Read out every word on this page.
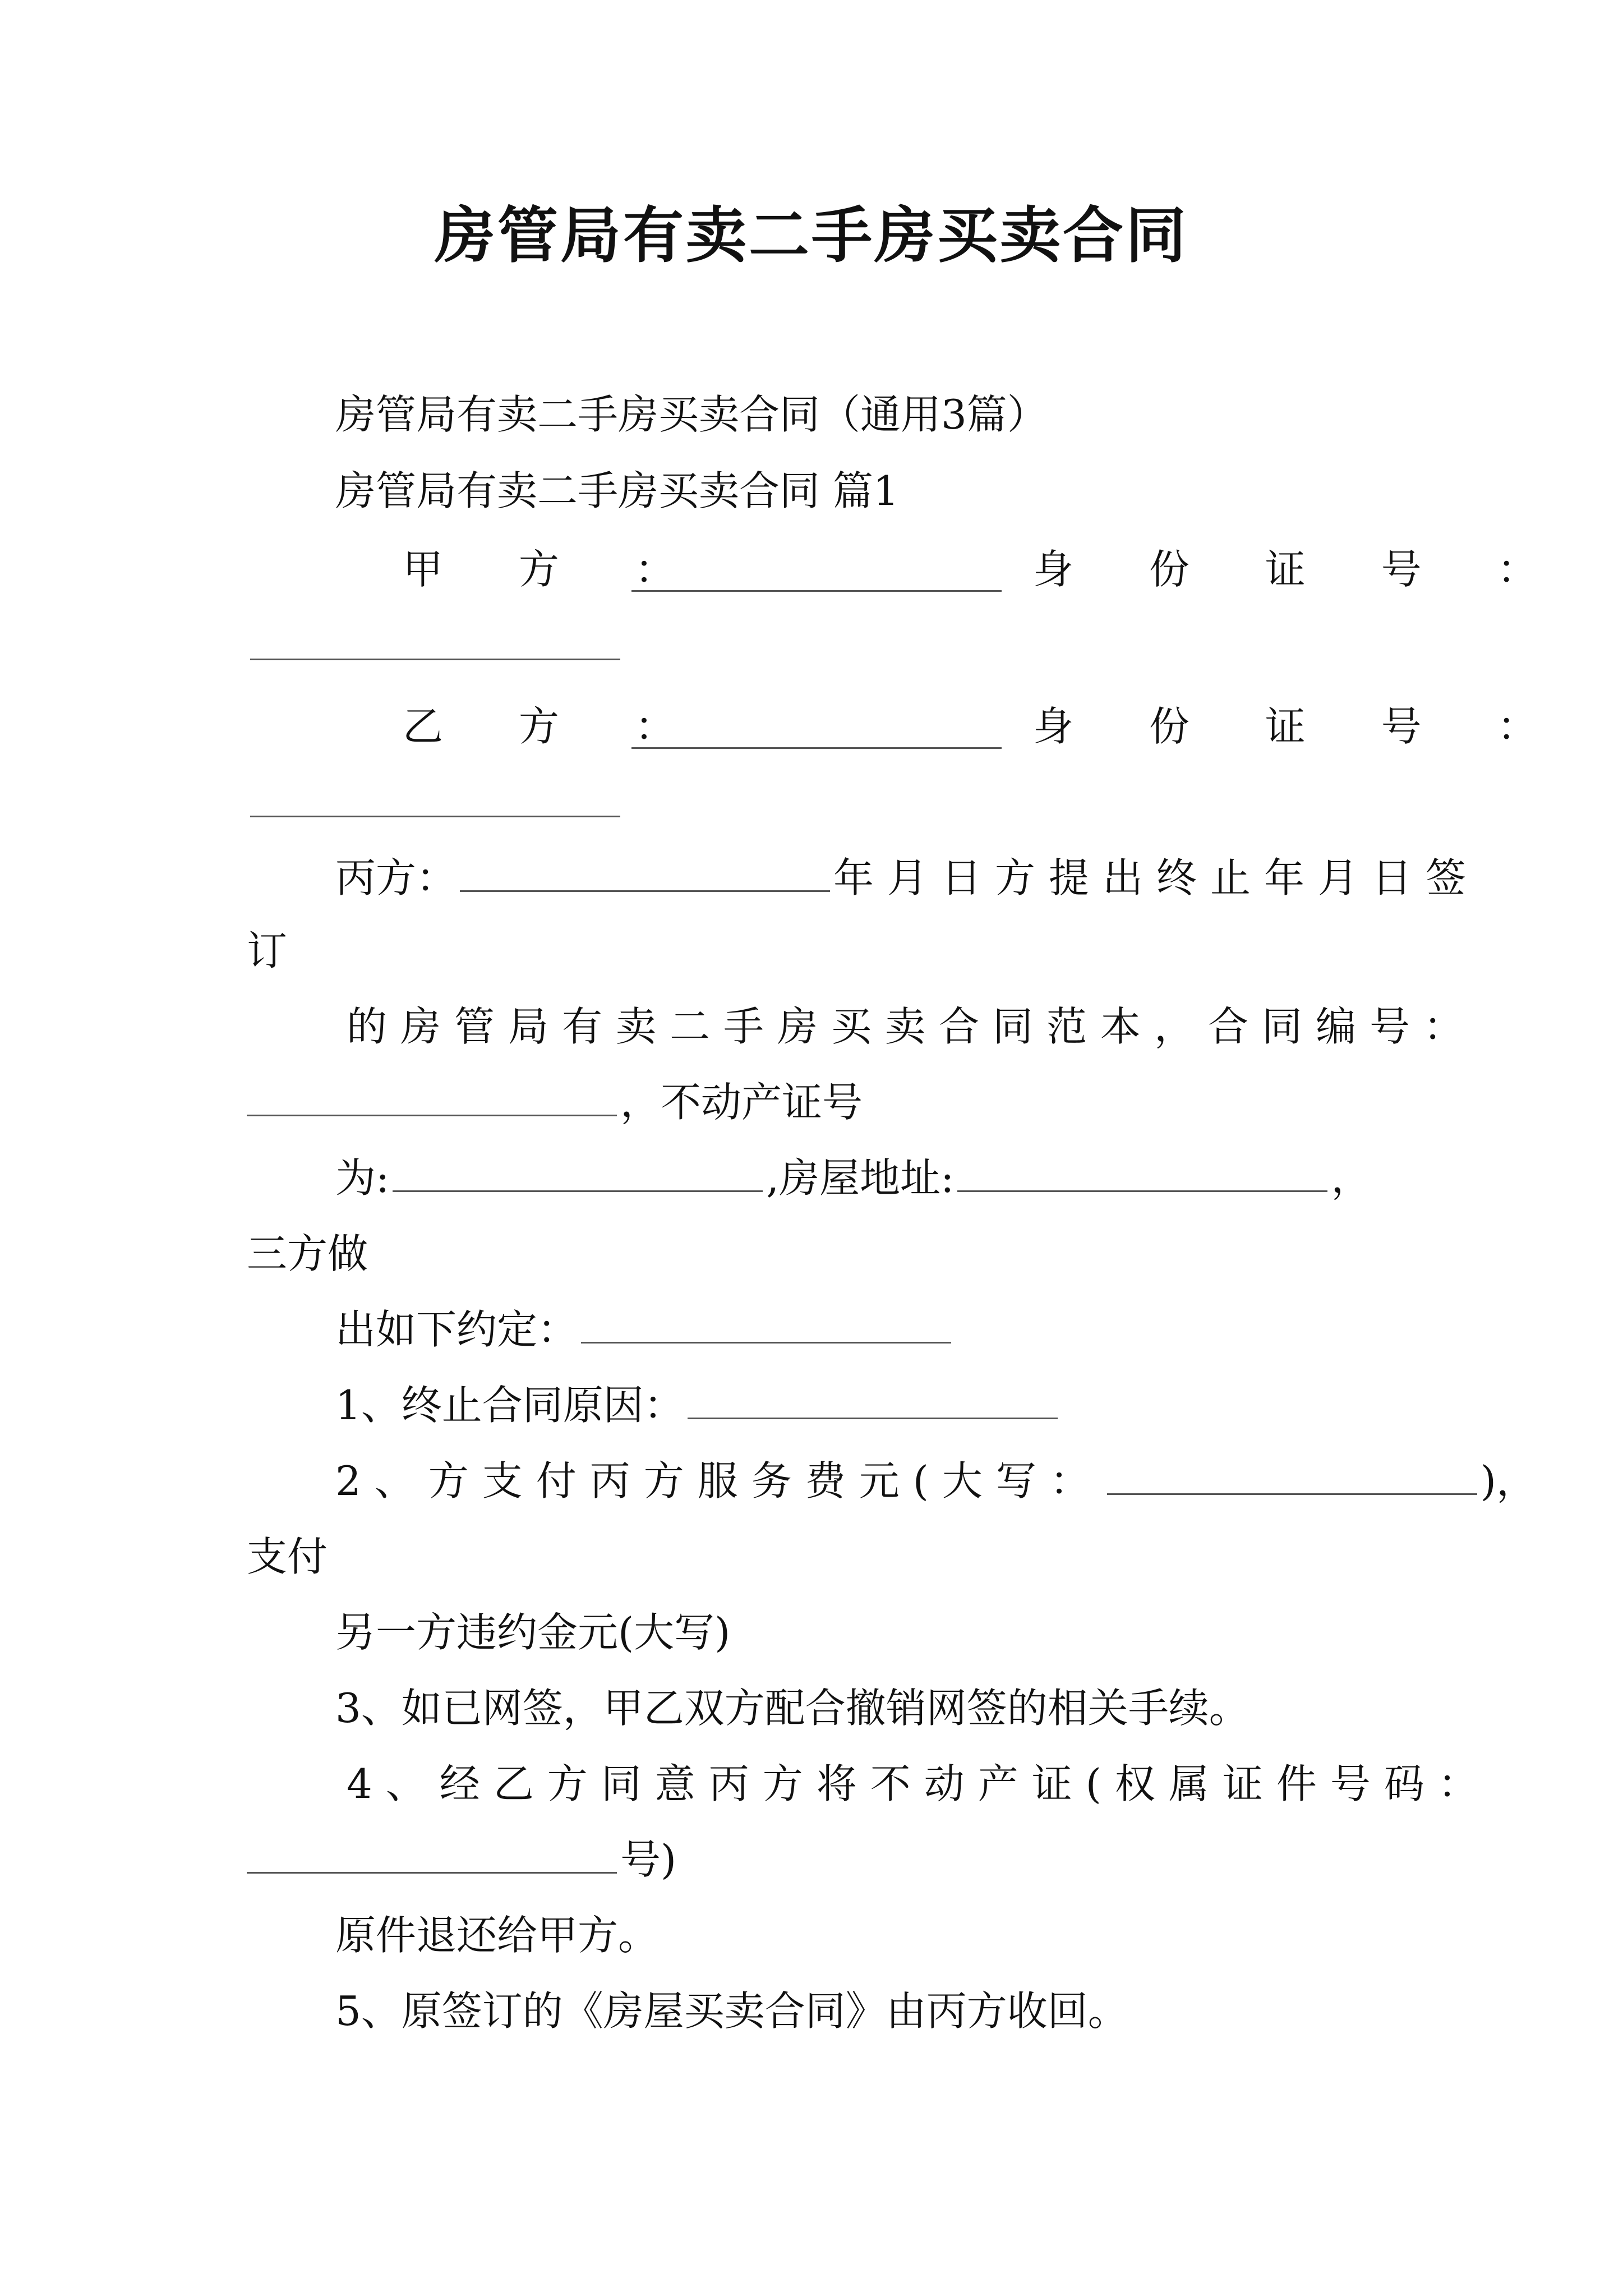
房管局有卖二手房买卖合同
房管局有卖二手房买卖合同（通用3篇）
房管局有卖二手房买卖合同 篇1
甲 方 ：	身 份 证 号 ：
乙 方 ：	身 份 证 号 ：
丙方：	年月日方提出终止年月日签
订
的房管局有卖二手房买卖合同范本，合同编号：
，不动产证号
为:	,房屋地址:	，
三方做
出如下约定：
1、终止合同原因：
2、方支付丙方服务费元(大写：	)，
支付
另一方违约金元(大写)
3、如已网签，甲乙双方配合撤销网签的相关手续。
4、经乙方同意丙方将不动产证(权属证件号码：
号)
原件退还给甲方。
5、原签订的《房屋买卖合同》由丙方收回。
